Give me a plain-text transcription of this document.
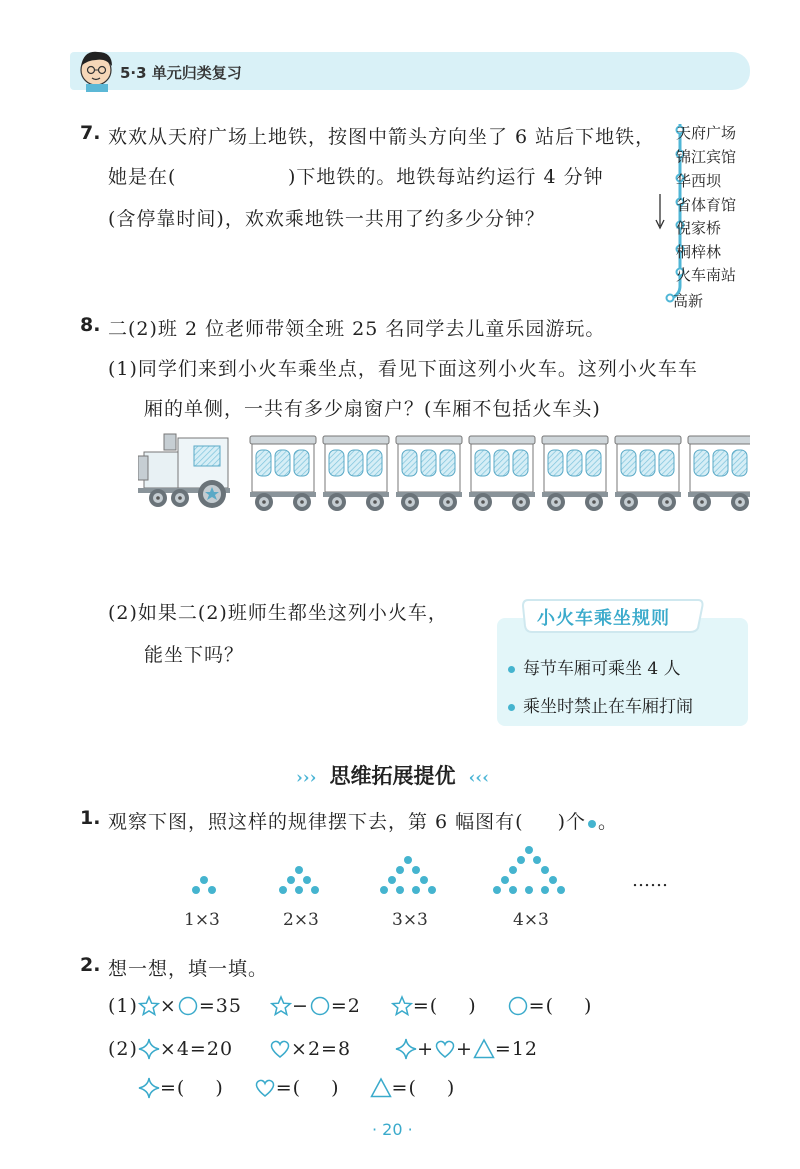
5·3 单元归类复习
7. 欢欢从天府广场上地铁，按图中箭头方向坐了 6 站后下地铁，
她是在(	)下地铁的。地铁每站约运行 4 分钟
(含停靠时间)，欢欢乘地铁一共用了约多少分钟？
天府广场
锦江宾馆
华西坝
省体育馆
倪家桥
桐梓林
火车南站
高新
8. 二(2)班 2 位老师带领全班 25 名同学去儿童乐园游玩。
(1)同学们来到小火车乘坐点，看见下面这列小火车。这列小火车车
厢的单侧，一共有多少扇窗户？(车厢不包括火车头)
(2)如果二(2)班师生都坐这列小火车，
能坐下吗？
小火车乘坐规则
每节车厢可乘坐 4 人
乘坐时禁止在车厢打闹
››› 思维拓展提优 ‹‹‹
1. 观察下图，照这样的规律摆下去，第 6 幅图有( )个 。
……
1×3	2×3	3×3	4×3
2. 想一想，填一填。
(1) × =35	− =2	=( )	=( )
(2) ×4=20	×2=8	+ + =12
=( )	=( )	=( )
· 20 ·
